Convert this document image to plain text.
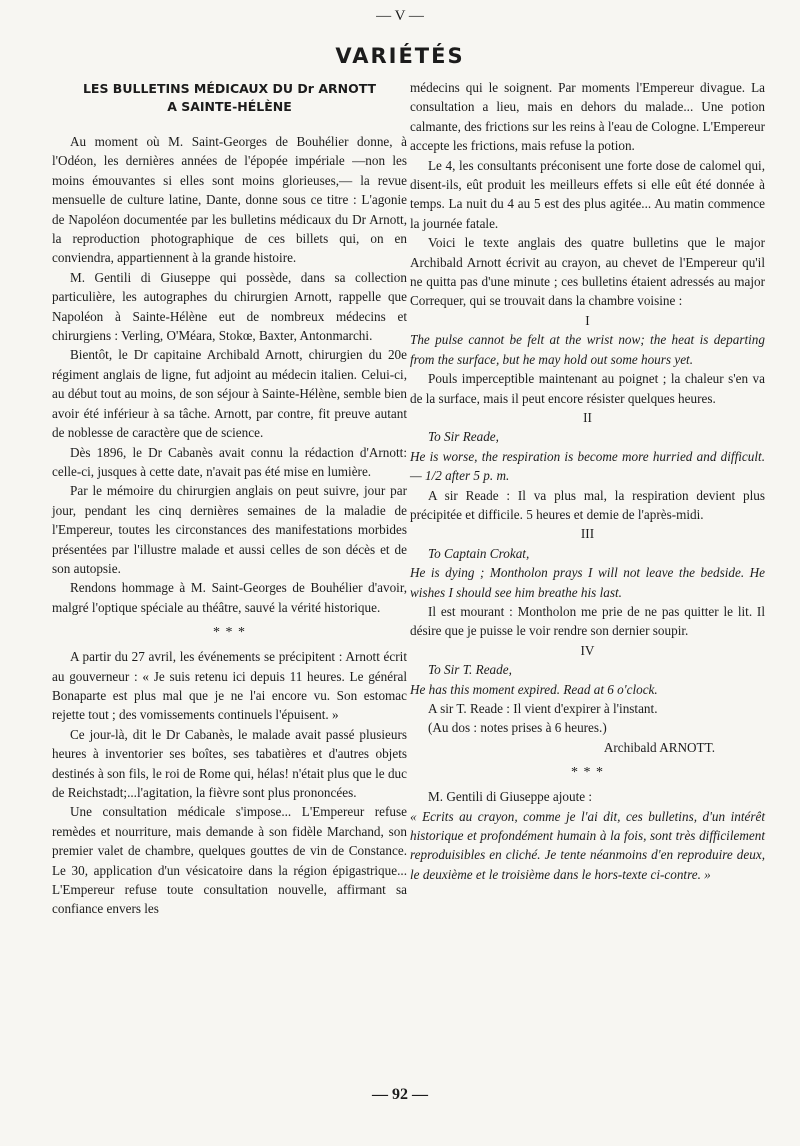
— V —
VARIÉTÉS
LES BULLETINS MÉDICAUX DU Dr ARNOTT
A SAINTE-HÉLÈNE

Au moment où M. Saint-Georges de Bouhélier donne, à l'Odéon, les dernières années de l'épopée impériale —non les moins émouvantes si elles sont moins glorieuses,— la revue mensuelle de culture latine, Dante, donne sous ce titre : L'agonie de Napoléon documentée par les bulletins médicaux du Dr Arnott, la reproduction photographique de ces billets qui, on en conviendra, appartiennent à la grande histoire.

M. Gentili di Giuseppe qui possède, dans sa collection particulière, les autographes du chirurgien Arnott, rappelle que Napoléon à Sainte-Hélène eut de nombreux médecins et chirurgiens : Verling, O'Méara, Stokœ, Baxter, Antonmarchi.

Bientôt, le Dr capitaine Archibald Arnott, chirurgien du 20e régiment anglais de ligne, fut adjoint au médecin italien. Celui-ci, au début tout au moins, de son séjour à Sainte-Hélène, semble bien avoir été inférieur à sa tâche. Arnott, par contre, fit preuve autant de noblesse de caractère que de science.

Dès 1896, le Dr Cabanès avait connu la rédaction d'Arnott: celle-ci, jusques à cette date, n'avait pas été mise en lumière.

Par le mémoire du chirurgien anglais on peut suivre, jour par jour, pendant les cinq dernières semaines de la maladie de l'Empereur, toutes les circonstances des manifestations morbides présentées par l'illustre malade et aussi celles de son décès et de son autopsie.

Rendons hommage à M. Saint-Georges de Bouhélier d'avoir, malgré l'optique spéciale au théâtre, sauvé la vérité historique.

* * *

A partir du 27 avril, les événements se précipitent : Arnott écrit au gouverneur : « Je suis retenu ici depuis 11 heures. Le général Bonaparte est plus mal que je ne l'ai encore vu. Son estomac rejette tout ; des vomissements continuels l'épuisent. »

Ce jour-là, dit le Dr Cabanès, le malade avait passé plusieurs heures à inventorier ses boîtes, ses tabatières et d'autres objets destinés à son fils, le roi de Rome qui, hélas! n'était plus que le duc de Reichstadt;...l'agitation, la fièvre sont plus prononcées.

Une consultation médicale s'impose... L'Empereur refuse remèdes et nourriture, mais demande à son fidèle Marchand, son premier valet de chambre, quelques gouttes de vin de Constance. Le 30, application d'un vésicatoire dans la région épigastrique... L'Empereur refuse toute consultation nouvelle, affirmant sa confiance envers les

médecins qui le soignent. Par moments l'Empereur divague. La consultation a lieu, mais en dehors du malade... Une potion calmante, des frictions sur les reins à l'eau de Cologne. L'Empereur accepte les frictions, mais refuse la potion.

Le 4, les consultants préconisent une forte dose de calomel qui, disent-ils, eût produit les meilleurs effets si elle eût été donnée à temps. La nuit du 4 au 5 est des plus agitée... Au matin commence la journée fatale.

Voici le texte anglais des quatre bulletins que le major Archibald Arnott écrivit au crayon, au chevet de l'Empereur qu'il ne quitta pas d'une minute ; ces bulletins étaient adressés au major Correquer, qui se trouvait dans la chambre voisine :

I

The pulse cannot be felt at the wrist now; the heat is departing from the surface, but he may hold out some hours yet.

Pouls imperceptible maintenant au poignet ; la chaleur s'en va de la surface, mais il peut encore résister quelques heures.

II

To Sir Reade,

He is worse, the respiration is become more hurried and difficult. — 1/2 after 5 p. m.

A sir Reade : Il va plus mal, la respiration devient plus précipitée et difficile. 5 heures et demie de l'après-midi.

III

To Captain Crokat,

He is dying ; Montholon prays I will not leave the bedside. He wishes I should see him breathe his last.

Il est mourant : Montholon me prie de ne pas quitter le lit. Il désire que je puisse le voir rendre son dernier soupir.

IV

To Sir T. Reade,

He has this moment expired. Read at 6 o'clock.

A sir T. Reade : Il vient d'expirer à l'instant.

(Au dos : notes prises à 6 heures.)

Archibald ARNOTT.

* * *

M. Gentili di Giuseppe ajoute :

« Ecrits au crayon, comme je l'ai dit, ces bulletins, d'un intérêt historique et profondément humain à la fois, sont très difficilement reproduisibles en cliché. Je tente néanmoins d'en reproduire deux, le deuxième et le troisième dans le hors-texte ci-contre. »

— 92 —
